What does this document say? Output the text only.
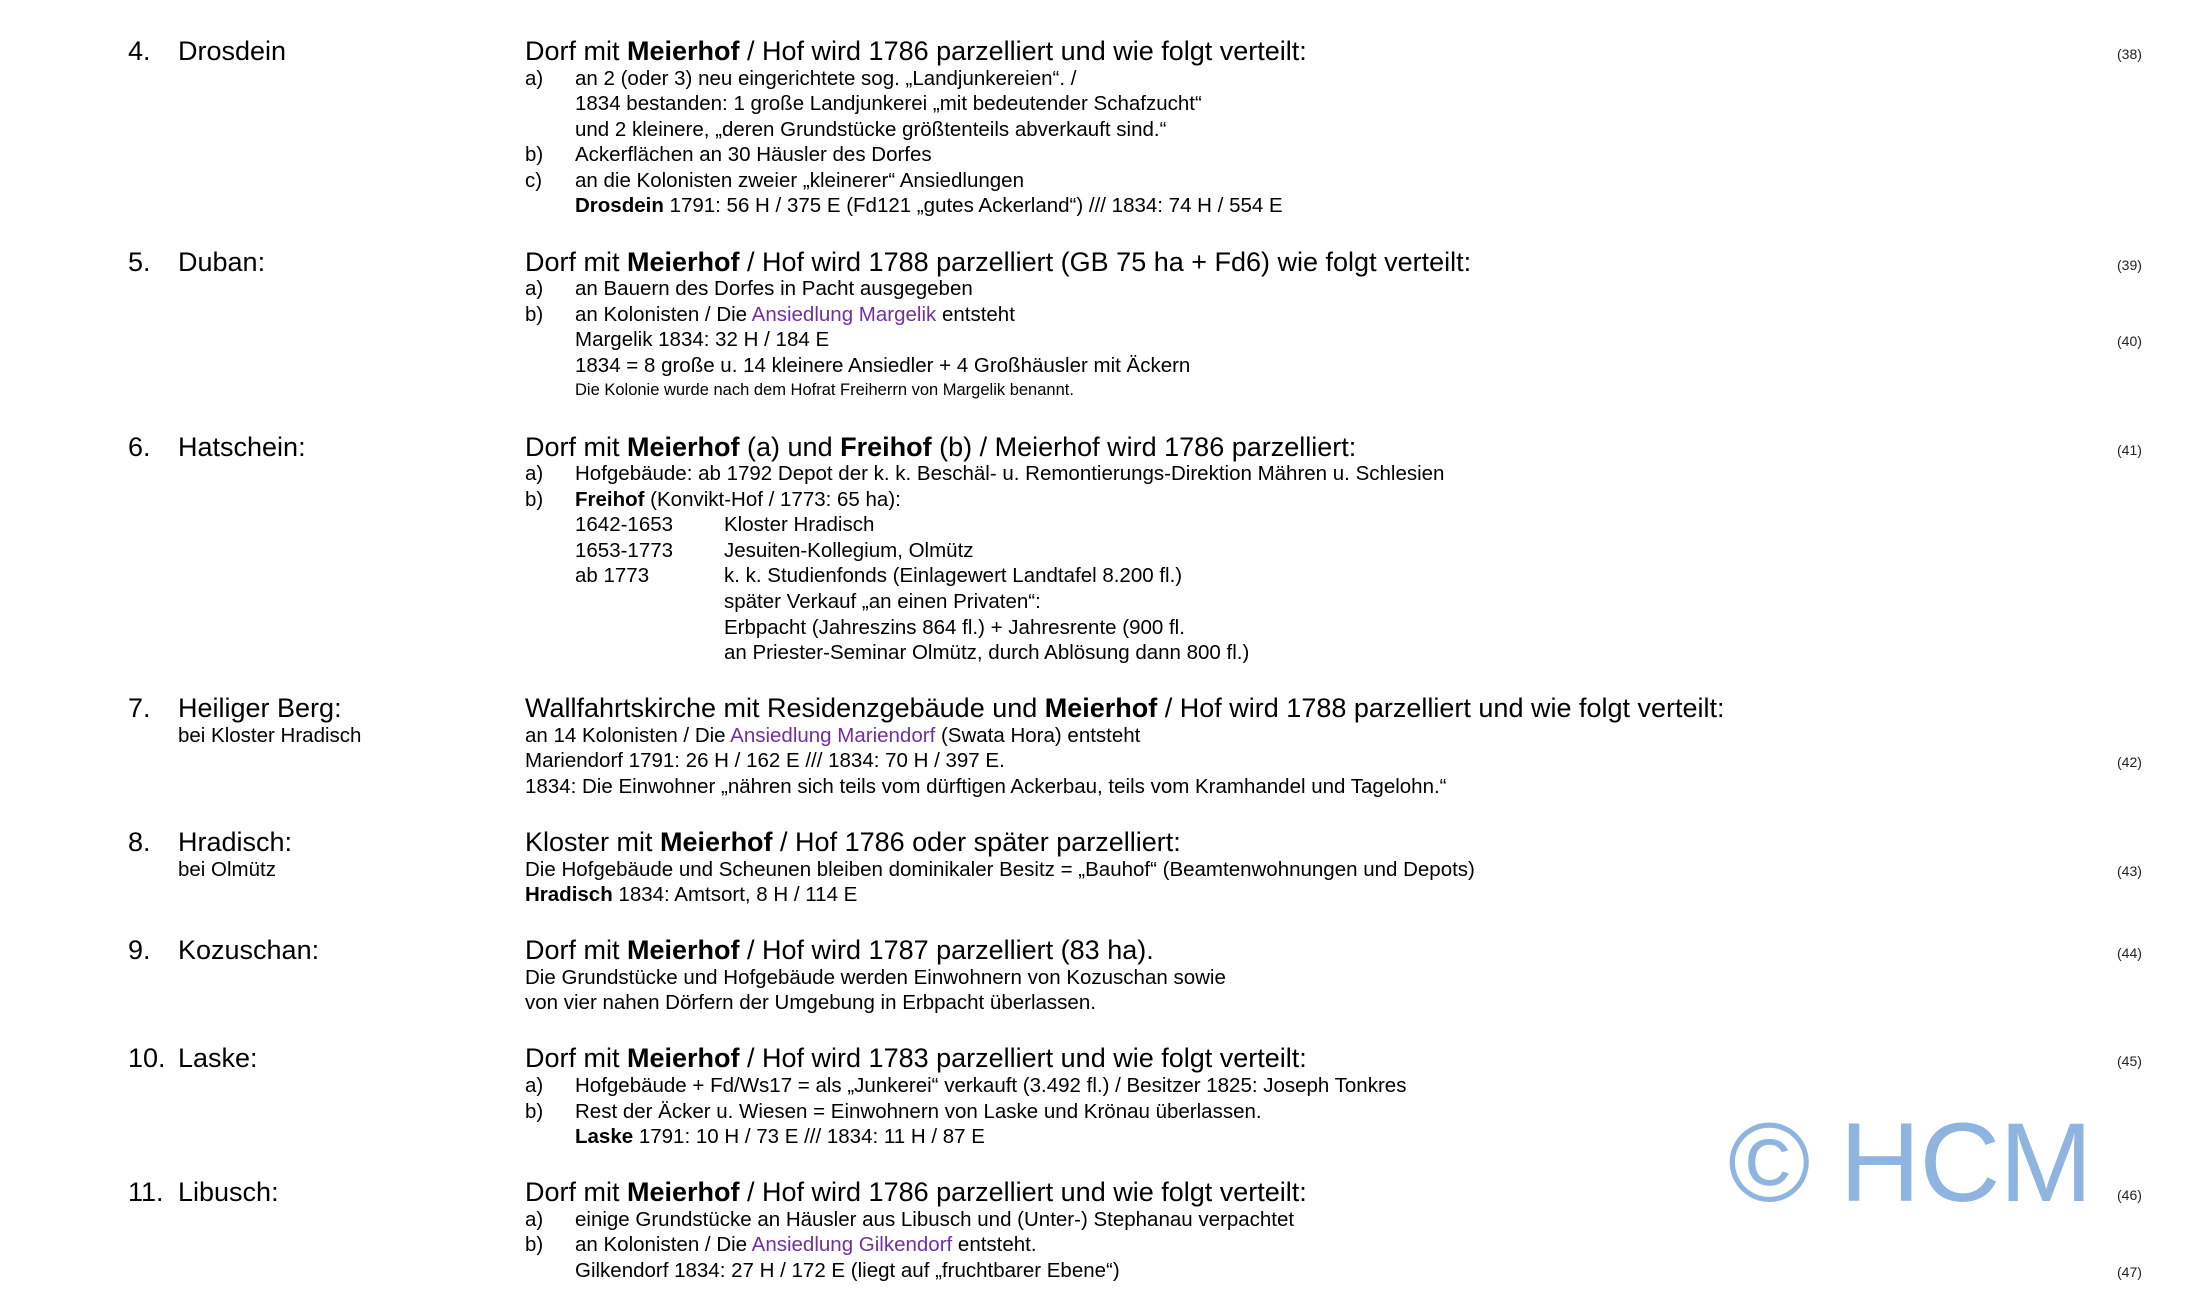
4. Drosdein	Dorf mit Meierhof / Hof wird 1786 parzelliert und wie folgt verteilt:	(38)
a) an 2 (oder 3) neu eingerichtete sog. „Landjunkereien“. /
1834 bestanden: 1 große Landjunkerei „mit bedeutender Schafzucht“
und 2 kleinere, „deren Grundstücke größtenteils abverkauft sind.“
b) Ackerflächen an 30 Häusler des Dorfes
c) an die Kolonisten zweier „kleinerer“ Ansiedlungen
Drosdein 1791: 56 H / 375 E (Fd121 „gutes Ackerland“) /// 1834: 74 H / 554 E
5. Duban:	Dorf mit Meierhof / Hof wird 1788 parzelliert (GB 75 ha + Fd6) wie folgt verteilt:	(39)
a) an Bauern des Dorfes in Pacht ausgegeben
b) an Kolonisten / Die Ansiedlung Margelik entsteht
Margelik 1834: 32 H / 184 E	(40)
1834 = 8 große u. 14 kleinere Ansiedler + 4 Großhäusler mit Äckern
Die Kolonie wurde nach dem Hofrat Freiherrn von Margelik benannt.
6. Hatschein:	Dorf mit Meierhof (a) und Freihof (b) / Meierhof wird 1786 parzelliert:	(41)
a) Hofgebäude: ab 1792 Depot der k. k. Beschäl- u. Remontierungs-Direktion Mähren u. Schlesien
b) Freihof (Konvikt-Hof / 1773: 65 ha):
1642-1653 Kloster Hradisch
1653-1773 Jesuiten-Kollegium, Olmütz
ab 1773	k. k. Studienfonds (Einlagewert Landtafel 8.200 fl.)
später Verkauf „an einen Privaten“:
Erbpacht (Jahreszins 864 fl.) + Jahresrente (900 fl.
an Priester-Seminar Olmütz, durch Ablösung dann 800 fl.)
7. Heiliger Berg:
bei Kloster Hradisch
Wallfahrtskirche mit Residenzgebäude und Meierhof / Hof wird 1788 parzelliert und wie folgt verteilt:
an 14 Kolonisten / Die Ansiedlung Mariendorf (Swata Hora) entsteht
Mariendorf 1791: 26 H / 162 E /// 1834: 70 H / 397 E.	(42)
1834: Die Einwohner „nähren sich teils vom dürftigen Ackerbau, teils vom Kramhandel und Tagelohn.“
8. Hradisch:
bei Olmütz
Kloster mit Meierhof / Hof 1786 oder später parzelliert:
Die Hofgebäude und Scheunen bleiben dominikaler Besitz = „Bauhof“ (Beamtenwohnungen und Depots)	(43)
Hradisch 1834: Amtsort, 8 H / 114 E
9. Kozuschan:	Dorf mit Meierhof / Hof wird 1787 parzelliert (83 ha).	(44)
Die Grundstücke und Hofgebäude werden Einwohnern von Kozuschan sowie
von vier nahen Dörfern der Umgebung in Erbpacht überlassen.
10. Laske:	Dorf mit Meierhof / Hof wird 1783 parzelliert und wie folgt verteilt:	(45)
a) Hofgebäude + Fd/Ws17 = als „Junkerei“ verkauft (3.492 fl.) / Besitzer 1825: Joseph Tonkres
b) Rest der Äcker u. Wiesen = Einwohnern von Laske und Krönau überlassen.
Laske 1791: 10 H / 73 E /// 1834: 11 H / 87 E
11. Libusch:	Dorf mit Meierhof / Hof wird 1786 parzelliert und wie folgt verteilt:	(46)
a) einige Grundstücke an Häusler aus Libusch und (Unter-) Stephanau verpachtet
b) an Kolonisten / Die Ansiedlung Gilkendorf entsteht.
Gilkendorf 1834: 27 H / 172 E (liegt auf „fruchtbarer Ebene“)	(47)
© HCM
